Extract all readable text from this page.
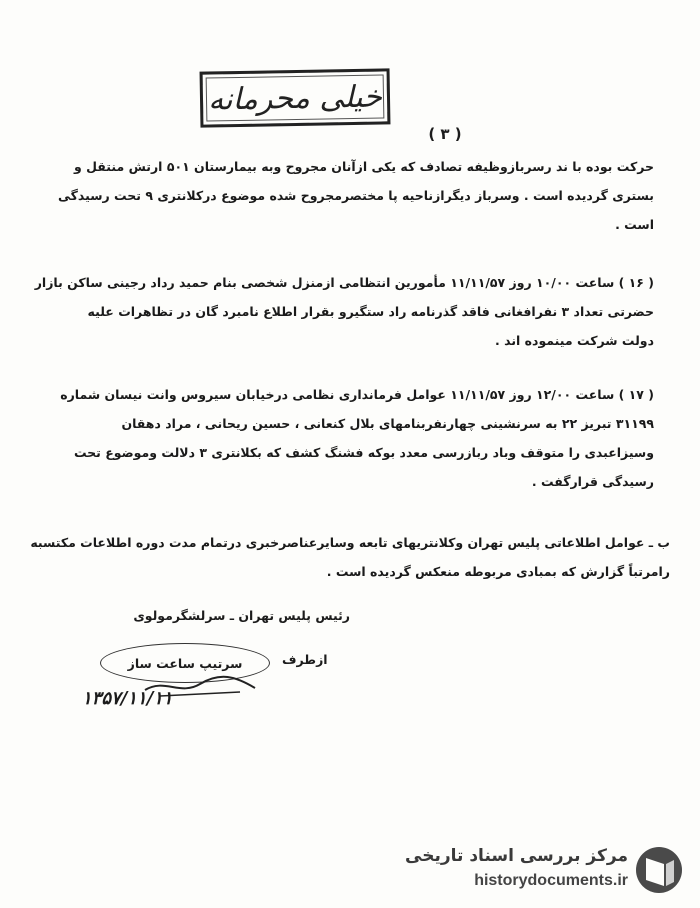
خیلی محرمانه
( ۳ )
حرکت بوده با ند رسربازوظیفه تصادف که یکی ازآنان مجروح وبه بیمارستان ۵۰۱ ارتش منتقل و
بستری گردیده است . وسرباز دیگرازناحیه پا مختصرمجروح شده موضوع درکلانتری ۹ تحت رسیدگی
است .
( ۱۶ ) ساعت ۱۰/۰۰ روز ۱۱/۱۱/۵۷ مأمورین انتظامی ازمنزل شخصی بنام حمید رداد رجینی ساکن بازار
حضرتی تعداد ۳ نفرافغانی فاقد گذرنامه راد ستگیرو بقرار اطلاع نامبرد گان در تظاهرات علیه
دولت شرکت مینموده اند .
( ۱۷ ) ساعت ۱۲/۰۰ روز ۱۱/۱۱/۵۷ عوامل فرمانداری نظامی درخیابان سیروس وانت نیسان شماره
۳۱۱۹۹ تبریز ۲۲ به سرنشینی چهارنفربنامهای بلال کنعانی ، حسین ریحانی ، مراد دهقان
وسیزاعبدی را متوقف وباد ربازرسی معدد بوکه فشنگ کشف که بکلانتری ۳ دلالت وموضوع تحت
رسیدگی قرارگفت .
ب ـ عوامل اطلاعاتی پلیس تهران وکلانتریهای تابعه وسایرعناصرخبری درتمام مدت دوره اطلاعات مکتسبه
رامرتباً گزارش که بمبادی مربوطه منعکس گردیده است .
رئیس پلیس تهران ـ سرلشگرمولوی
ازطرف
سرتیپ ساعت ساز
۱۳۵۷/۱۱/۱۱
مرکز بررسی اسناد تاریخی
historydocuments.ir
